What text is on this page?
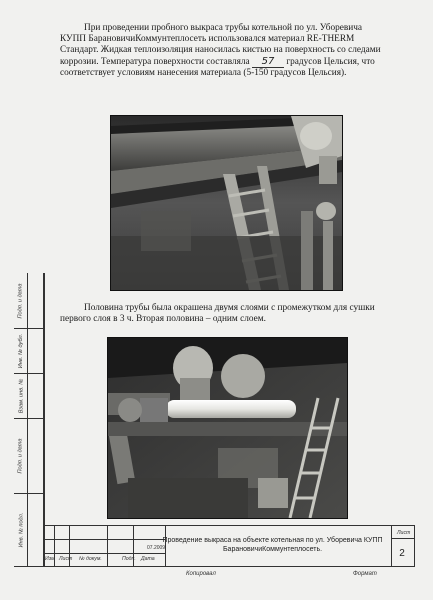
При проведении пробного выкраса трубы котельной по ул. Уборевича КУПП БарановичиКоммунтеплосеть использовался материал RE-THERM Стандарт. Жидкая теплоизоляция наносилась кистью на поверхность со следами коррозии. Температура поверхности составляла 57 градусов Цельсия, что соответствует условиям нанесения материала (5-150 градусов Цельсия).
Половина трубы была окрашена двумя слоями с промежутком для сушки первого слоя в 3 ч. Вторая половина – одним слоем.
Подп. и дата
Инв. № дубл.
Взам. инв. №
Подп. и дата
Инв. № подл.
Изм Лист № докум.	Подп. Дата
07.2009
Проведение выкраса на объекте котельная по ул. Уборевича КУПП БарановичиКоммунтеплосеть.
Лист
2
Копировал	Формат
